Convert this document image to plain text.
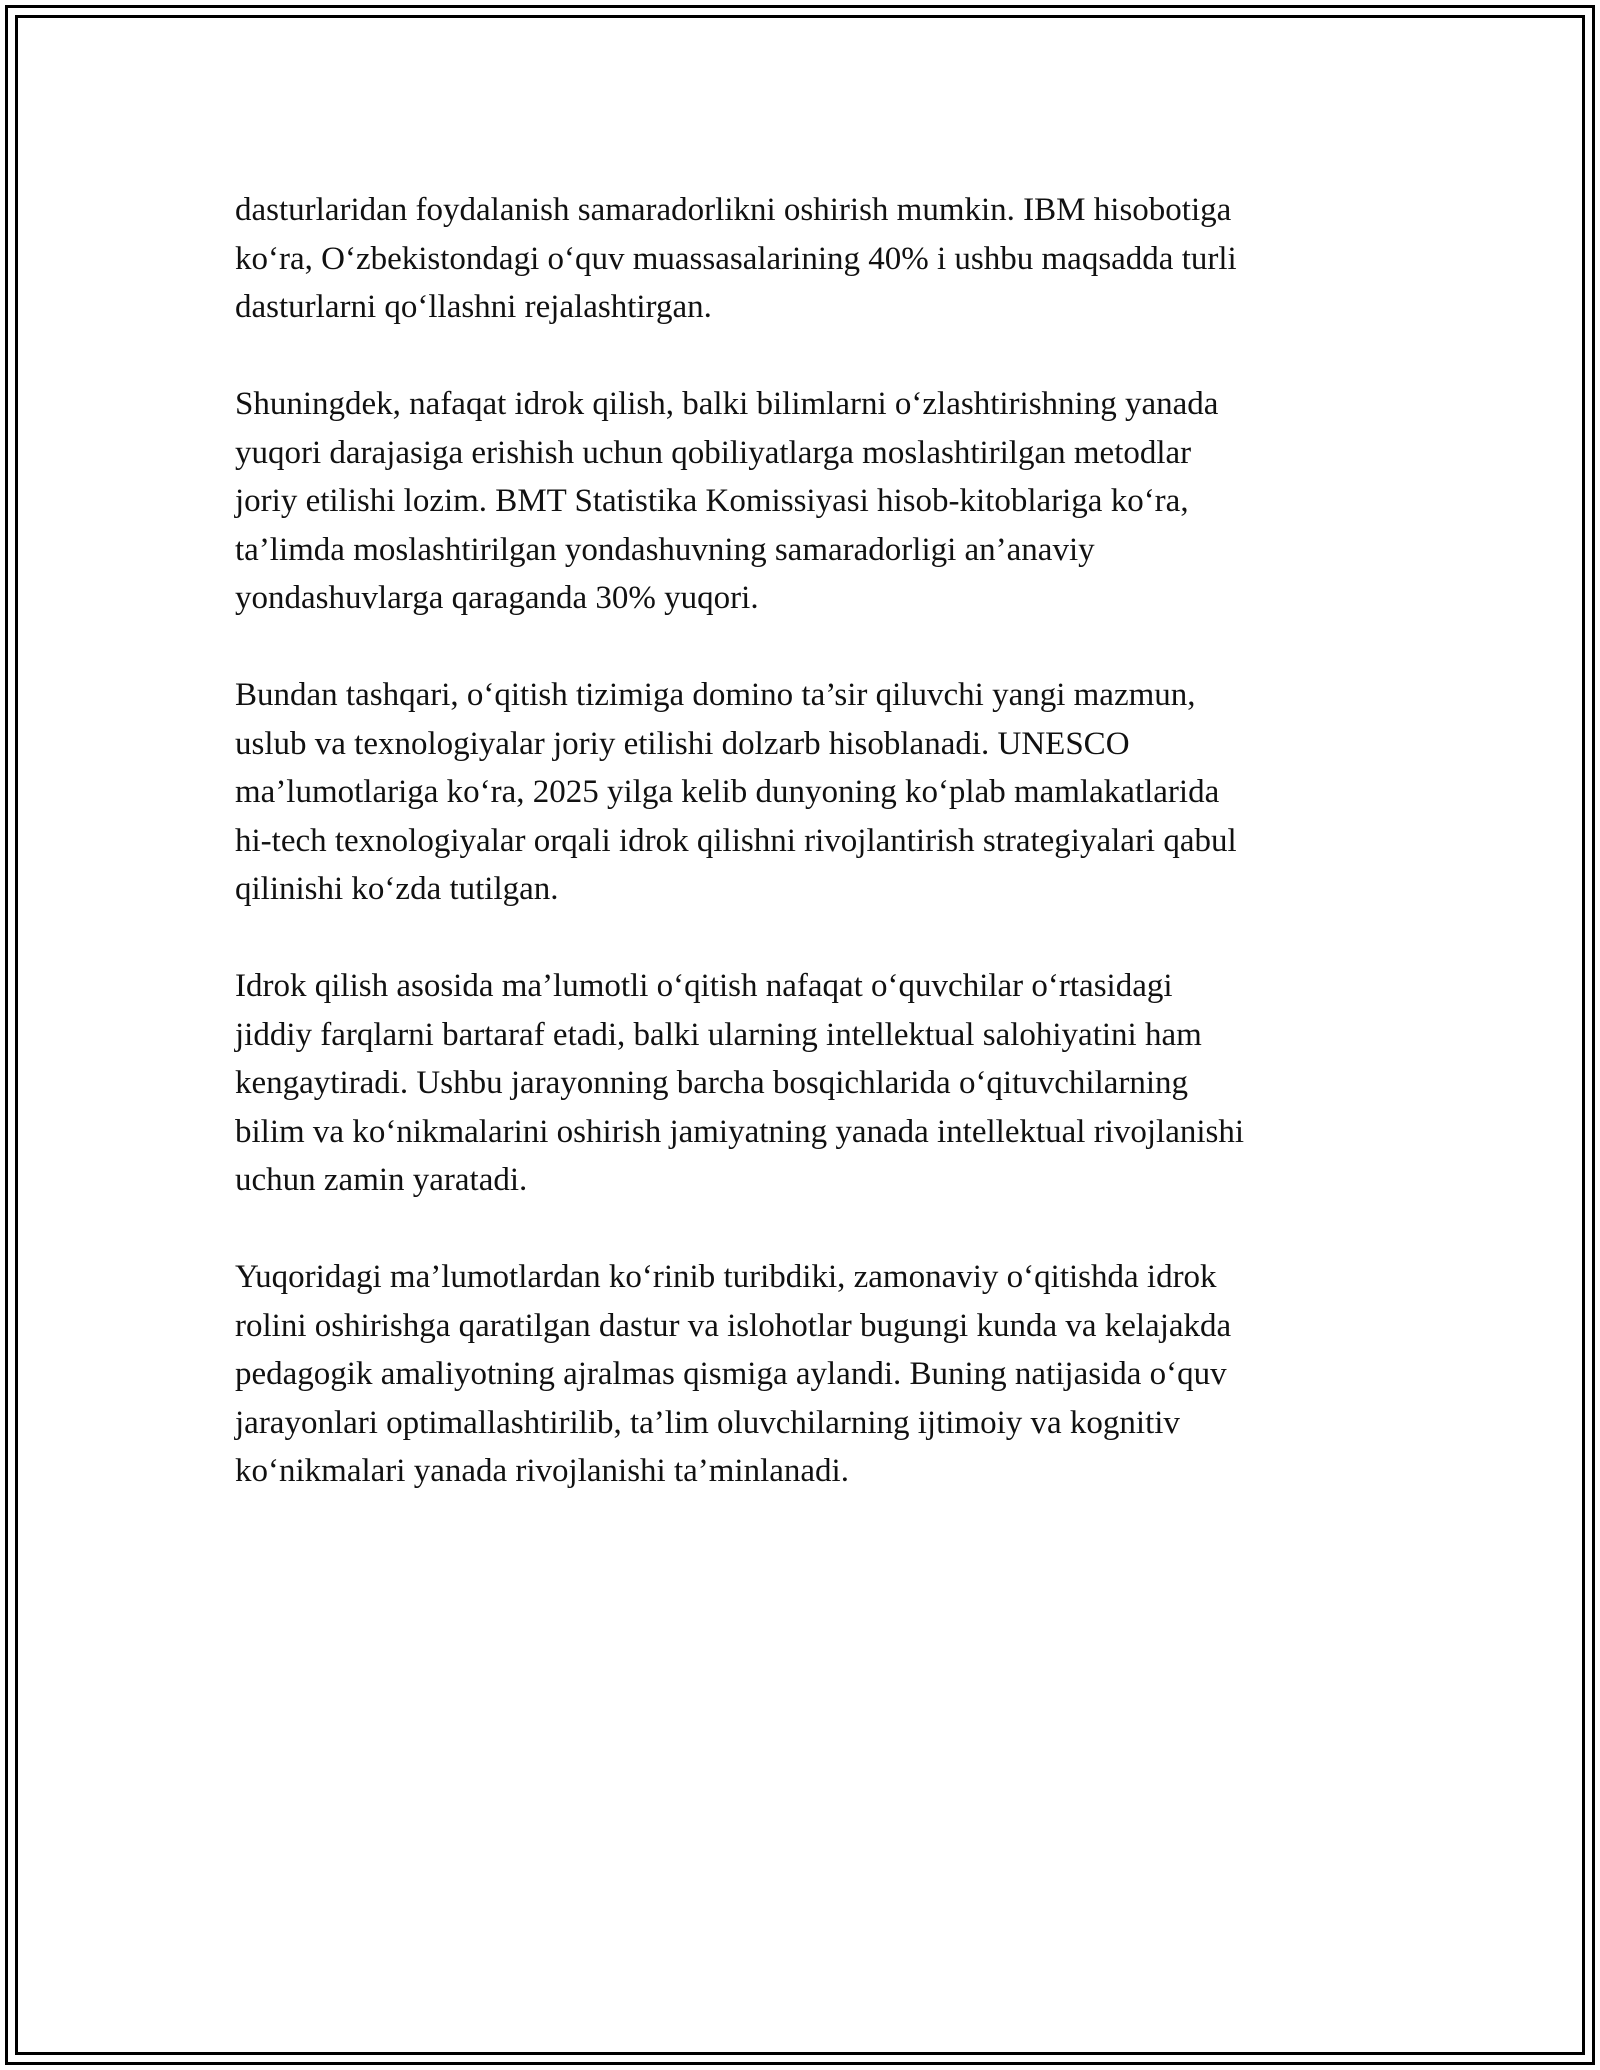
dasturlaridan foydalanish samaradorlikni oshirish mumkin. IBM hisobotiga
ko‘ra, O‘zbekistondagi o‘quv muassasalarining 40% i ushbu maqsadda turli
dasturlarni qo‘llashni rejalashtirgan.

Shuningdek, nafaqat idrok qilish, balki bilimlarni o‘zlashtirishning yanada
yuqori darajasiga erishish uchun qobiliyatlarga moslashtirilgan metodlar
joriy etilishi lozim. BMT Statistika Komissiyasi hisob-kitoblariga ko‘ra,
ta’limda moslashtirilgan yondashuvning samaradorligi an’anaviy
yondashuvlarga qaraganda 30% yuqori.

Bundan tashqari, o‘qitish tizimiga domino ta’sir qiluvchi yangi mazmun,
uslub va texnologiyalar joriy etilishi dolzarb hisoblanadi. UNESCO
ma’lumotlariga ko‘ra, 2025 yilga kelib dunyoning ko‘plab mamlakatlarida
hi-tech texnologiyalar orqali idrok qilishni rivojlantirish strategiyalari qabul
qilinishi ko‘zda tutilgan.

Idrok qilish asosida ma’lumotli o‘qitish nafaqat o‘quvchilar o‘rtasidagi
jiddiy farqlarni bartaraf etadi, balki ularning intellektual salohiyatini ham
kengaytiradi. Ushbu jarayonning barcha bosqichlarida o‘qituvchilarning
bilim va ko‘nikmalarini oshirish jamiyatning yanada intellektual rivojlanishi
uchun zamin yaratadi.

Yuqoridagi ma’lumotlardan ko‘rinib turibdiki, zamonaviy o‘qitishda idrok
rolini oshirishga qaratilgan dastur va islohotlar bugungi kunda va kelajakda
pedagogik amaliyotning ajralmas qismiga aylandi. Buning natijasida o‘quv
jarayonlari optimallashtirilib, ta’lim oluvchilarning ijtimoiy va kognitiv
ko‘nikmalari yanada rivojlanishi ta’minlanadi.
